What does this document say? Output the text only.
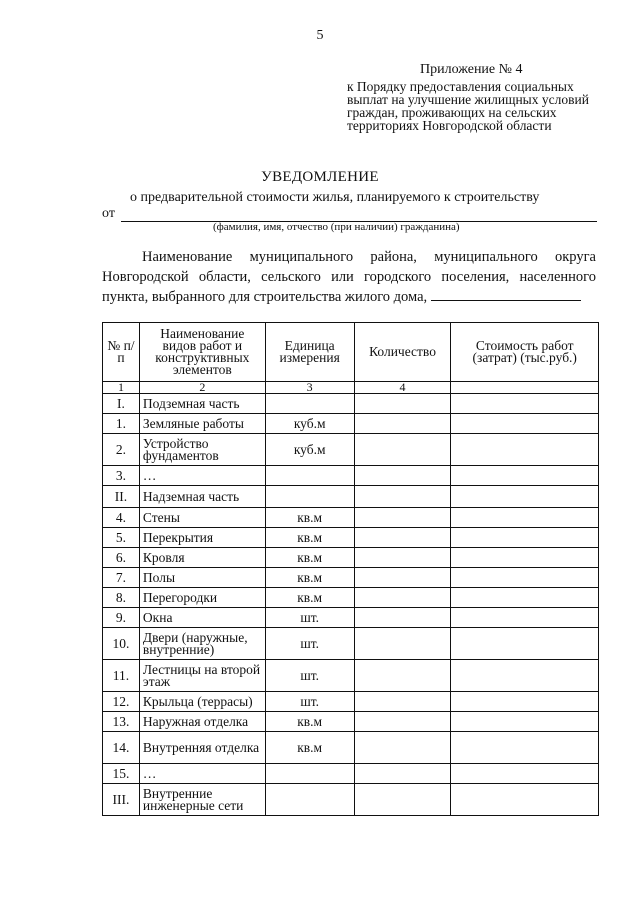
5
Приложение № 4
к Порядку предоставления социальных выплат на улучшение жилищных условий граждан, проживающих на сельских территориях Новгородской области
УВЕДОМЛЕНИЕ
о предварительной стоимости жилья, планируемого к строительству
от
(фамилия, имя, отчество (при наличии) гражданина)
Наименование муниципального района, муниципального округа Новгородской области, сельского или городского поселения, населенного пункта, выбранного для строительства жилого дома,
№ п/п	Наименование видов работ и конструктивных элементов	Единица измерения	Количество	Стоимость работ (затрат) (тыс.руб.)
1	2	3	4	
I.	Подземная часть			
1.	Земляные работы	куб.м		
2.	Устройство фундаментов	куб.м		
3.	…			
II.	Надземная часть			
4.	Стены	кв.м		
5.	Перекрытия	кв.м		
6.	Кровля	кв.м		
7.	Полы	кв.м		
8.	Перегородки	кв.м		
9.	Окна	шт.		
10.	Двери (наружные, внутренние)	шт.		
11.	Лестницы на второй этаж	шт.		
12.	Крыльца (террасы)	шт.		
13.	Наружная отделка	кв.м		
14.	Внутренняя отделка	кв.м		
15.	…			
III.	Внутренние инженерные сети			
